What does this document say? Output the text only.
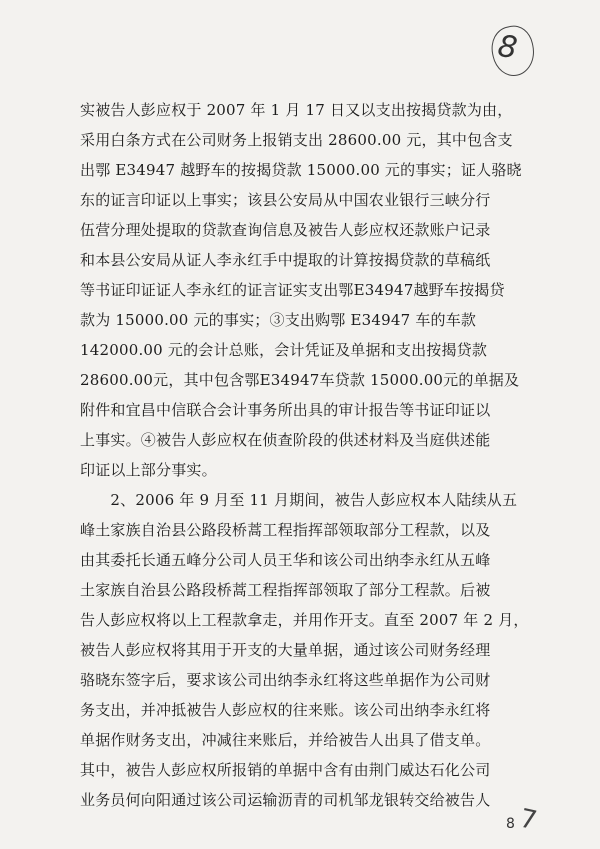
8
实被告人彭应权于 2007 年 1 月 17 日又以支出按揭贷款为由，
采用白条方式在公司财务上报销支出 28600.00 元，其中包含支
出鄂 E34947 越野车的按揭贷款 15000.00 元的事实；证人骆晓
东的证言印证以上事实；该县公安局从中国农业银行三峡分行
伍营分理处提取的贷款查询信息及被告人彭应权还款账户记录
和本县公安局从证人李永红手中提取的计算按揭贷款的草稿纸
等书证印证证人李永红的证言证实支出鄂E34947越野车按揭贷
款为 15000.00 元的事实；③支出购鄂 E34947 车的车款
142000.00 元的会计总账，会计凭证及单据和支出按揭贷款
28600.00元，其中包含鄂E34947车贷款 15000.00元的单据及
附件和宜昌中信联合会计事务所出具的审计报告等书证印证以
上事实。④被告人彭应权在侦查阶段的供述材料及当庭供述能
印证以上部分事实。
　　2、2006 年 9 月至 11 月期间，被告人彭应权本人陆续从五
峰土家族自治县公路段桥蒿工程指挥部领取部分工程款，以及
由其委托长通五峰分公司人员王华和该公司出纳李永红从五峰
土家族自治县公路段桥蒿工程指挥部领取了部分工程款。后被
告人彭应权将以上工程款拿走，并用作开支。直至 2007 年 2 月，
被告人彭应权将其用于开支的大量单据，通过该公司财务经理
骆晓东签字后，要求该公司出纳李永红将这些单据作为公司财
务支出，并冲抵被告人彭应权的往来账。该公司出纳李永红将
单据作财务支出，冲减往来账后，并给被告人出具了借支单。
其中，被告人彭应权所报销的单据中含有由荆门威达石化公司
业务员何向阳通过该公司运输沥青的司机邹龙银转交给被告人
8 7
